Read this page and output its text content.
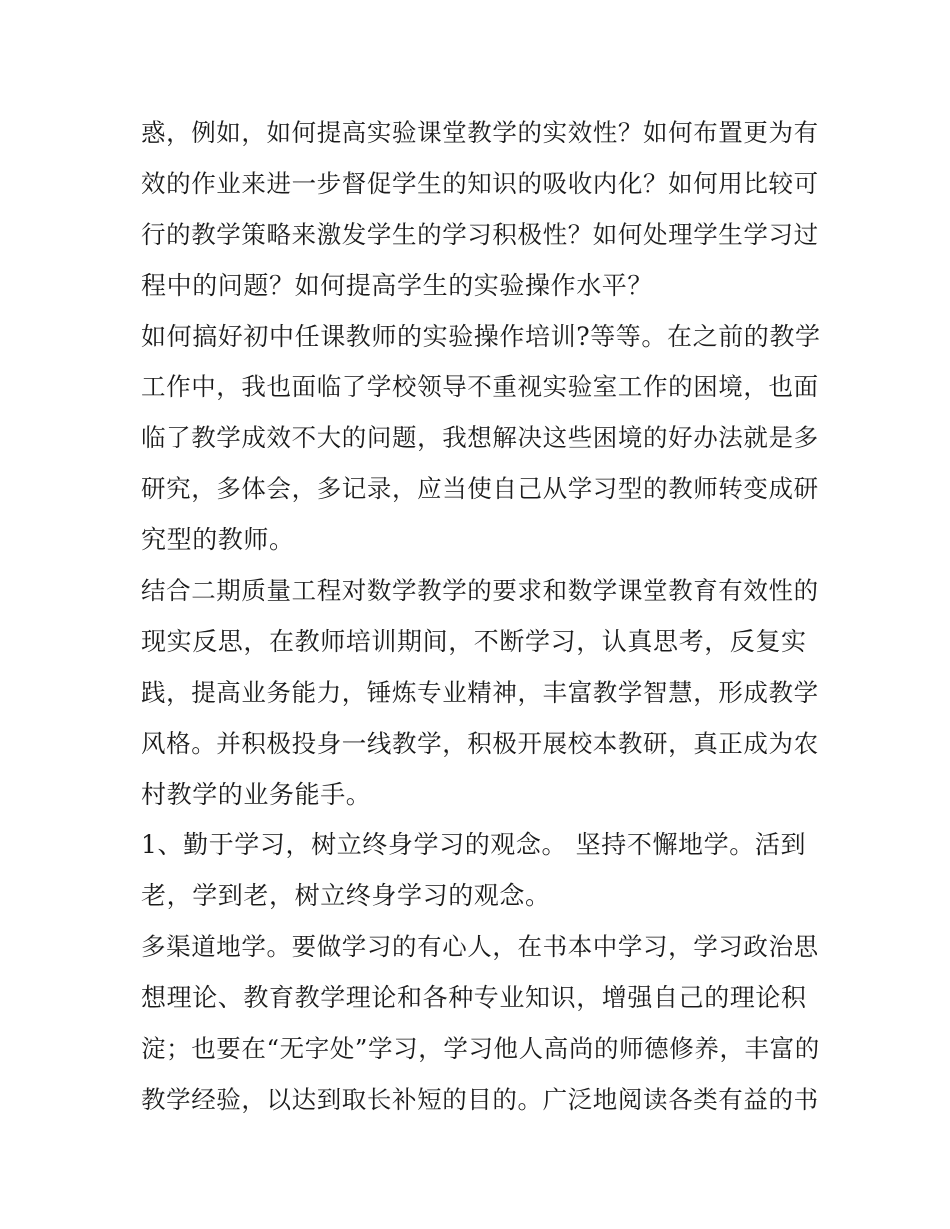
惑，例如，如何提高实验课堂教学的实效性？如何布置更为有
效的作业来进一步督促学生的知识的吸收内化？如何用比较可
行的教学策略来激发学生的学习积极性？如何处理学生学习过
程中的问题？如何提高学生的实验操作水平？
如何搞好初中任课教师的实验操作培训?等等。在之前的教学
工作中，我也面临了学校领导不重视实验室工作的困境，也面
临了教学成效不大的问题，我想解决这些困境的好办法就是多
研究，多体会，多记录，应当使自己从学习型的教师转变成研
究型的教师。
结合二期质量工程对数学教学的要求和数学课堂教育有效性的
现实反思，在教师培训期间，不断学习，认真思考，反复实
践，提高业务能力，锤炼专业精神，丰富教学智慧，形成教学
风格。并积极投身一线教学，积极开展校本教研，真正成为农
村教学的业务能手。
1、勤于学习，树立终身学习的观念。 坚持不懈地学。活到
老，学到老，树立终身学习的观念。
多渠道地学。要做学习的有心人，在书本中学习，学习政治思
想理论、教育教学理论和各种专业知识，增强自己的理论积
淀；也要在“无字处”学习，学习他人高尚的师德修养，丰富的
教学经验，以达到取长补短的目的。广泛地阅读各类有益的书
